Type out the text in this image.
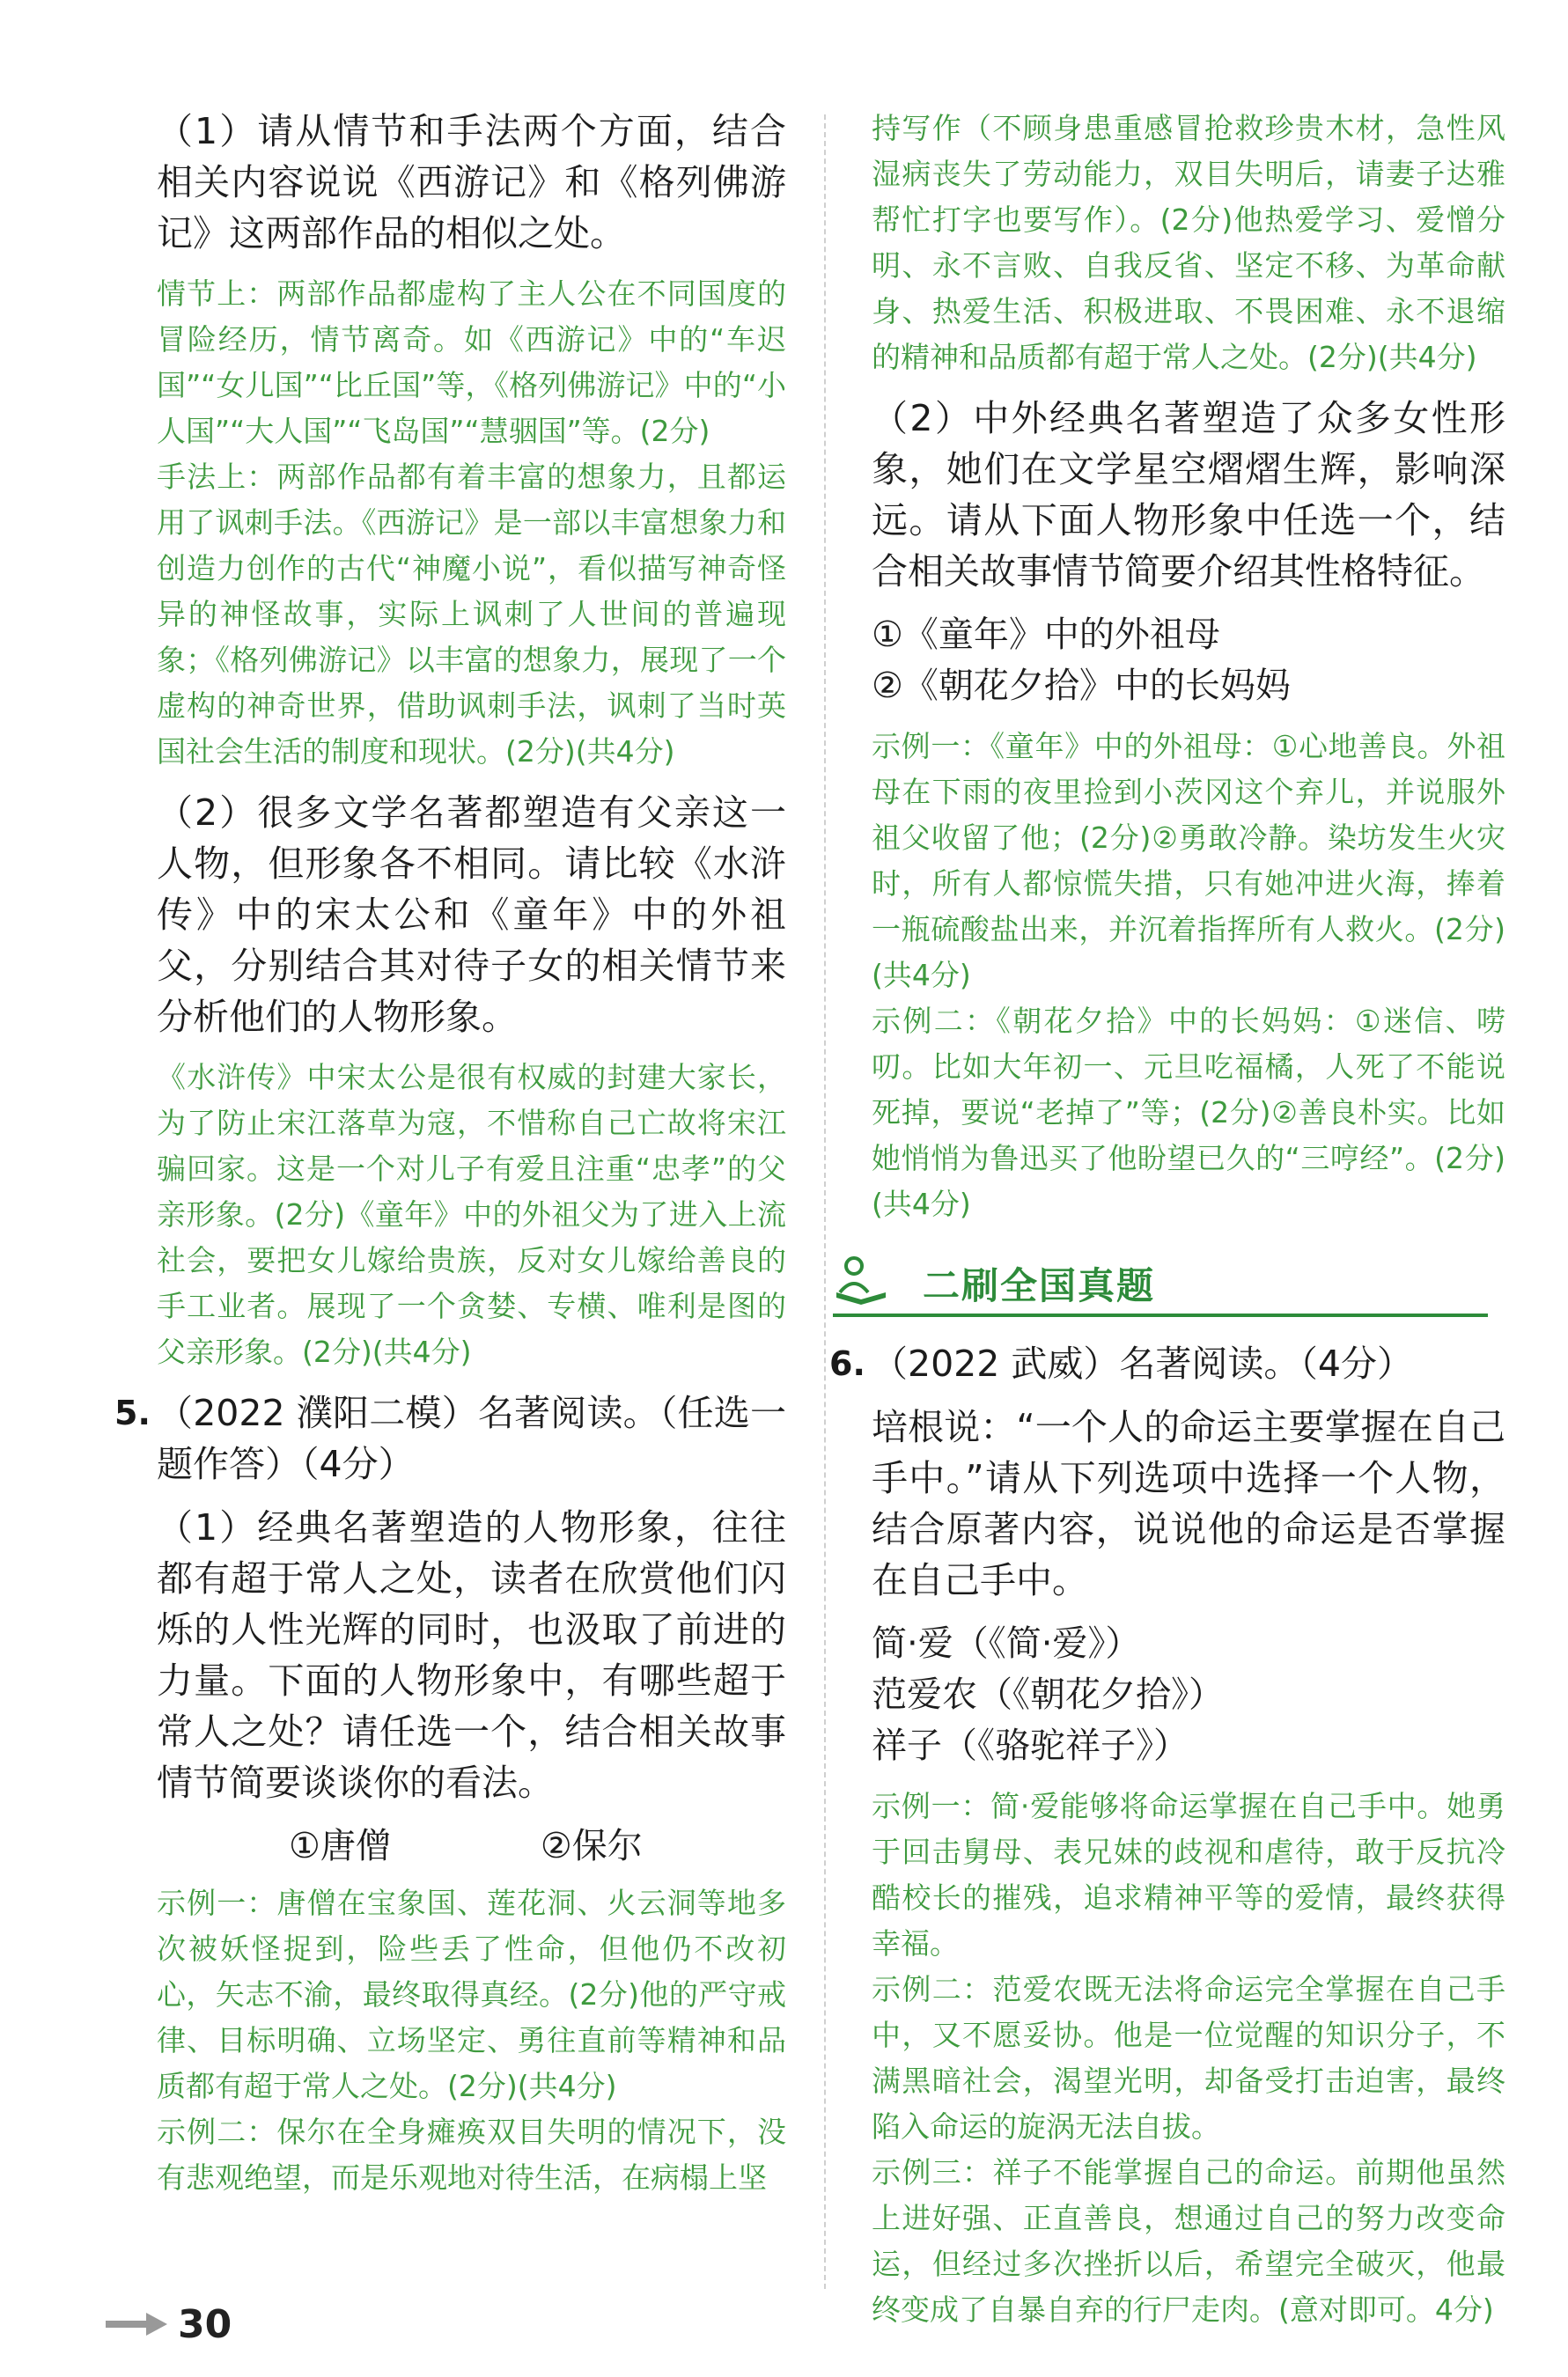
（1）请从情节和手法两个方面，结合相关内容说说《西游记》和《格列佛游记》这两部作品的相似之处。

情节上：两部作品都虚构了主人公在不同国度的冒险经历，情节离奇。如《西游记》中的“车迟国”“女儿国”“比丘国”等，《格列佛游记》中的“小人国”“大人国”“飞岛国”“慧骃国”等。(2分)

手法上：两部作品都有着丰富的想象力，且都运用了讽刺手法。《西游记》是一部以丰富想象力和创造力创作的古代“神魔小说”，看似描写神奇怪异的神怪故事，实际上讽刺了人世间的普遍现象；《格列佛游记》以丰富的想象力，展现了一个虚构的神奇世界，借助讽刺手法，讽刺了当时英国社会生活的制度和现状。(2分)(共4分)

（2）很多文学名著都塑造有父亲这一人物，但形象各不相同。请比较《水浒传》中的宋太公和《童年》中的外祖父，分别结合其对待子女的相关情节来分析他们的人物形象。

《水浒传》中宋太公是很有权威的封建大家长，为了防止宋江落草为寇，不惜称自己亡故将宋江骗回家。这是一个对儿子有爱且注重“忠孝”的父亲形象。(2分)《童年》中的外祖父为了进入上流社会，要把女儿嫁给贵族，反对女儿嫁给善良的手工业者。展现了一个贪婪、专横、唯利是图的父亲形象。(2分)(共4分)

5. （2022 濮阳二模）名著阅读。（任选一题作答）（4分）

（1）经典名著塑造的人物形象，往往都有超于常人之处，读者在欣赏他们闪烁的人性光辉的同时，也汲取了前进的力量。下面的人物形象中，有哪些超于常人之处？请任选一个，结合相关故事情节简要谈谈你的看法。

①唐僧	②保尔

示例一：唐僧在宝象国、莲花洞、火云洞等地多次被妖怪捉到，险些丢了性命，但他仍不改初心，矢志不渝，最终取得真经。(2分)他的严守戒律、目标明确、立场坚定、勇往直前等精神和品质都有超于常人之处。(2分)(共4分)

示例二：保尔在全身瘫痪双目失明的情况下，没有悲观绝望，而是乐观地对待生活，在病榻上坚

持写作（不顾身患重感冒抢救珍贵木材，急性风湿病丧失了劳动能力，双目失明后，请妻子达雅帮忙打字也要写作）。(2分)他热爱学习、爱憎分明、永不言败、自我反省、坚定不移、为革命献身、热爱生活、积极进取、不畏困难、永不退缩的精神和品质都有超于常人之处。(2分)(共4分)

（2）中外经典名著塑造了众多女性形象，她们在文学星空熠熠生辉，影响深远。请从下面人物形象中任选一个，结合相关故事情节简要介绍其性格特征。

①《童年》中的外祖母

②《朝花夕拾》中的长妈妈

示例一：《童年》中的外祖母：①心地善良。外祖母在下雨的夜里捡到小茨冈这个弃儿，并说服外祖父收留了他；(2分)②勇敢冷静。染坊发生火灾时，所有人都惊慌失措，只有她冲进火海，捧着一瓶硫酸盐出来，并沉着指挥所有人救火。(2分)(共4分)

示例二：《朝花夕拾》中的长妈妈：①迷信、唠叨。比如大年初一、元旦吃福橘，人死了不能说死掉，要说“老掉了”等；(2分)②善良朴实。比如她悄悄为鲁迅买了他盼望已久的“三哼经”。(2分)(共4分)

二刷全国真题
6. （2022 武威）名著阅读。（4分）

培根说：“一个人的命运主要掌握在自己手中。”请从下列选项中选择一个人物，结合原著内容，说说他的命运是否掌握在自己手中。

简·爱（《简·爱》）

范爱农（《朝花夕拾》）

祥子（《骆驼祥子》）

示例一：简·爱能够将命运掌握在自己手中。她勇于回击舅母、表兄妹的歧视和虐待，敢于反抗冷酷校长的摧残，追求精神平等的爱情，最终获得幸福。

示例二：范爱农既无法将命运完全掌握在自己手中，又不愿妥协。他是一位觉醒的知识分子，不满黑暗社会，渴望光明，却备受打击迫害，最终陷入命运的旋涡无法自拔。

示例三：祥子不能掌握自己的命运。前期他虽然上进好强、正直善良，想通过自己的努力改变命运，但经过多次挫折以后，希望完全破灭，他最终变成了自暴自弃的行尸走肉。(意对即可。4分)

30
